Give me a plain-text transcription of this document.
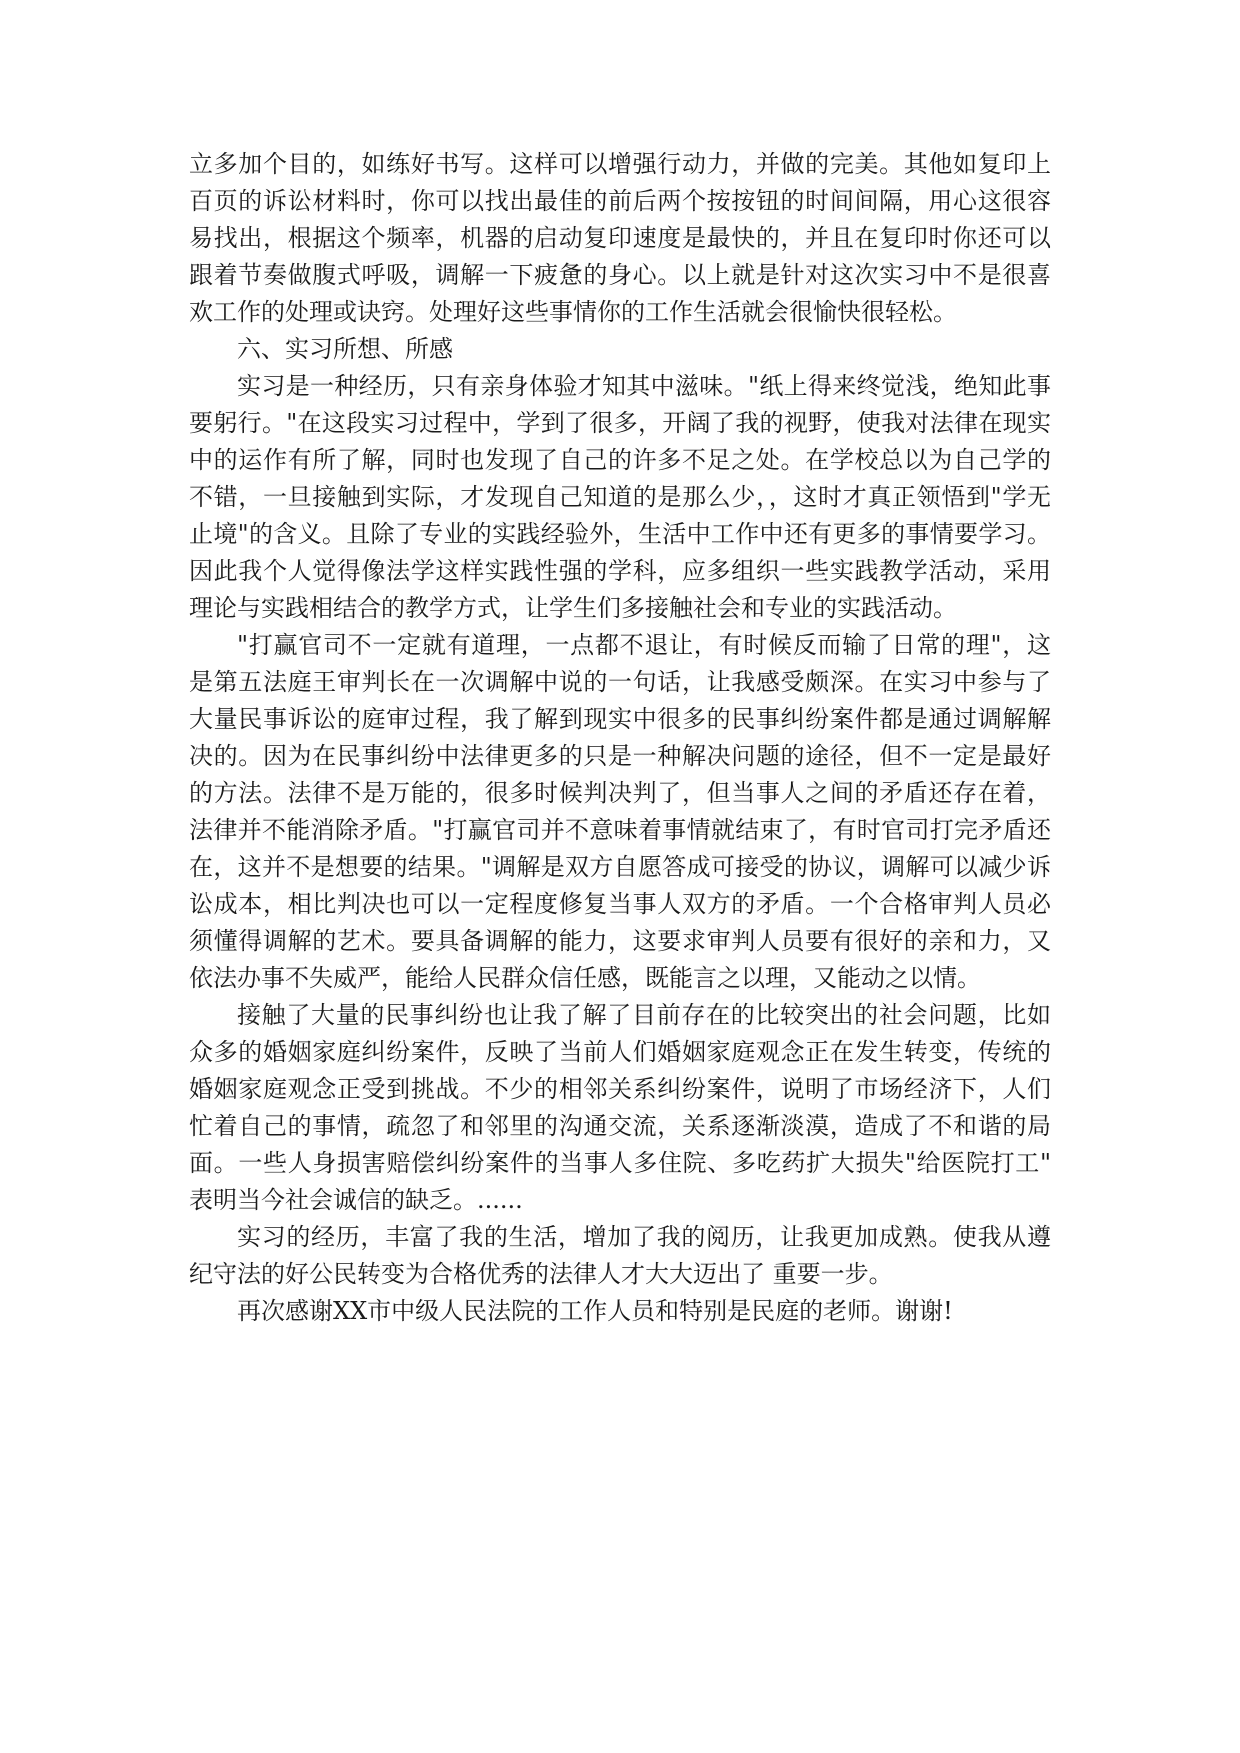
立多加个目的，如练好书写。这样可以增强行动力，并做的完美。其他如复印上百页的诉讼材料时，你可以找出最佳的前后两个按按钮的时间间隔，用心这很容易找出，根据这个频率，机器的启动复印速度是最快的，并且在复印时你还可以跟着节奏做腹式呼吸，调解一下疲惫的身心。以上就是针对这次实习中不是很喜欢工作的处理或诀窍。处理好这些事情你的工作生活就会很愉快很轻松。

六、实习所想、所感

实习是一种经历，只有亲身体验才知其中滋味。"纸上得来终觉浅，绝知此事要躬行。"在这段实习过程中，学到了很多，开阔了我的视野，使我对法律在现实中的运作有所了解，同时也发现了自己的许多不足之处。在学校总以为自己学的不错，一旦接触到实际，才发现自己知道的是那么少，，这时才真正领悟到"学无止境"的含义。且除了专业的实践经验外，生活中工作中还有更多的事情要学习。因此我个人觉得像法学这样实践性强的学科，应多组织一些实践教学活动，采用理论与实践相结合的教学方式，让学生们多接触社会和专业的实践活动。

"打赢官司不一定就有道理，一点都不退让，有时候反而输了日常的理"，这是第五法庭王审判长在一次调解中说的一句话，让我感受颇深。在实习中参与了大量民事诉讼的庭审过程，我了解到现实中很多的民事纠纷案件都是通过调解解决的。因为在民事纠纷中法律更多的只是一种解决问题的途径，但不一定是最好的方法。法律不是万能的，很多时候判决判了，但当事人之间的矛盾还存在着，法律并不能消除矛盾。"打赢官司并不意味着事情就结束了，有时官司打完矛盾还在，这并不是想要的结果。"调解是双方自愿答成可接受的协议，调解可以减少诉讼成本，相比判决也可以一定程度修复当事人双方的矛盾。一个合格审判人员必须懂得调解的艺术。要具备调解的能力，这要求审判人员要有很好的亲和力，又依法办事不失威严，能给人民群众信任感，既能言之以理，又能动之以情。

接触了大量的民事纠纷也让我了解了目前存在的比较突出的社会问题，比如众多的婚姻家庭纠纷案件，反映了当前人们婚姻家庭观念正在发生转变，传统的婚姻家庭观念正受到挑战。不少的相邻关系纠纷案件，说明了市场经济下，人们忙着自己的事情，疏忽了和邻里的沟通交流，关系逐渐淡漠，造成了不和谐的局面。一些人身损害赔偿纠纷案件的当事人多住院、多吃药扩大损失"给医院打工"　表明当今社会诚信的缺乏。......

实习的经历，丰富了我的生活，增加了我的阅历，让我更加成熟。使我从遵纪守法的好公民转变为合格优秀的法律人才大大迈出了 重要一步。

再次感谢XX市中级人民法院的工作人员和特别是民庭的老师。谢谢!
